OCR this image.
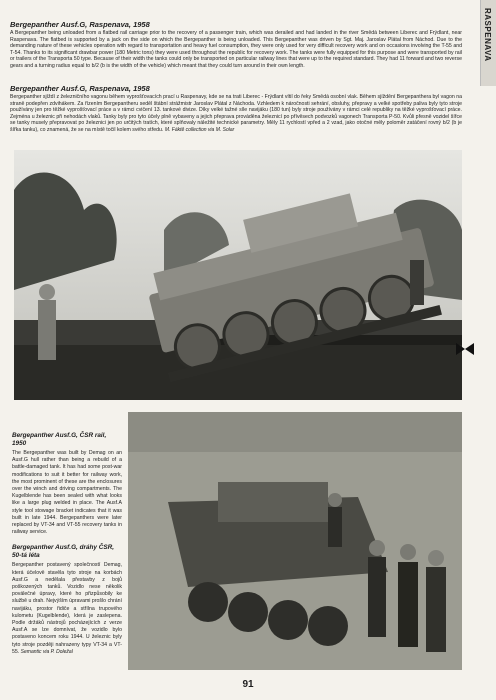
RASPENAVA
Bergepanther Ausf.G, Raspenava, 1958
A Bergepanther being unloaded from a flatbed rail carriage prior to the recovery of a passenger train, which was derailed and had landed in the river Smědá between Liberec and Frýdlant, near Raspenava. The flatbed is supported by a jack on the side on which the Bergepanther is being unloaded. This Bergepanther was driven by Sgt. Maj. Jaroslav Plátal from Náchod. Due to the demanding nature of these vehicles operation with regard to transportation and heavy fuel consumption, they were only used for very difficult recovery work and on occasions involving the T-55 and T-54. Thanks to its significant drawbar power (180 Metric tons) they were used throughout the republic for recovery work. The tanks were fully equipped for this purpose and were transported by rail or trailers of the Transporta 50 type. Because of their width the tanks could only be transported on particular railway lines that were up to the required standard. They had 11 forward and two reverse gears and a turning radius equal to b/2 (b is the width of the vehicle) which meant that they could turn around in their own length.
Bergepanther Ausf.G, Raspenava, 1958
Bergepanther sjíždí z železničního vagonu během vyprošťovacích prací u Raspenavy, kde se na trati Liberec - Frýdlant vítil do řeky Smědá osobní vlak. Během sjíždění Bergepanthera byl vagon na straně podepřen zdvihákem. Za řízením Bergepantheru seděl štábní strážmistr Jaroslav Plátal z Náchoda. Vzhledem k náročnosti sehrání, obsluhy, přepravy a velké spotřeby paliva byly tyto stroje používány jen pro těžké vyprošťovací práce a v rámci cvičení 13. tankové divize. Díky velké tažné síle navijáku (180 tun) byly stroje používány v rámci celé republiky na těžké vyprošťovací práce. Zejména u železnic při nehodách vlaků. Tanky byly pro tyto účely plně vybaveny a jejich přeprava prováděna železnicí po přívěsech podvozků vagonech Transporta P-50. Kvůli přesně vozidel šířce se tanky musely přepravovat po železnici jen po určitých tratích, které splňovaly náležité technické parametry. Měly 11 rychlostí vpřed a 2 vzad, jako otočné měly poloměr zatáčení rovný b/2 (b je šířka tanku), co znamená, že se na místě točil kolem svého středu. M. Fáktě collection via M. Solar
Bergepanther Ausf.G, ČSR rail, 1950
The Bergepanther was built by Demag on an Ausf.G hull rather than being a rebuild of a battle-damaged tank. It has had some post-war modifications to suit it better for railway work, the most prominent of these are the enclosures over the winch and driving compartments. The Kugelblende has been sealed with what looks like a large plug welded in place. The Ausf.A style tool stowage bracket indicates that it was built in late 1944. Bergepanthers were later replaced by VT-34 and VT-55 recovery tanks in railway service.
Bergepanther Ausf.G, dráhy ČSR, 50-tá léta
Bergepanther postavený společností Demag, která účelově stavěla tyto stroje na korbách Ausf.G a nedělala přestavby z bojů poškozených tanků. Vozidlo nese několik poválečné úpravy, které ho přizpůsobily ke službě u drah. Nejvýším úpravami prošlo chrání navijáku, prostor řidiče a střílna trupového kulometu (Kugelblende), která je zaslepena. Podle držáků nástrojů pocházejících z verze Ausf.A se lze domnívat, že vozidlo bylo postaveno koncem roku 1944. U železnic byly tyto stroje později nahrazeny typy VT-34 a VT-55. Semantic via P. Doležal
91
